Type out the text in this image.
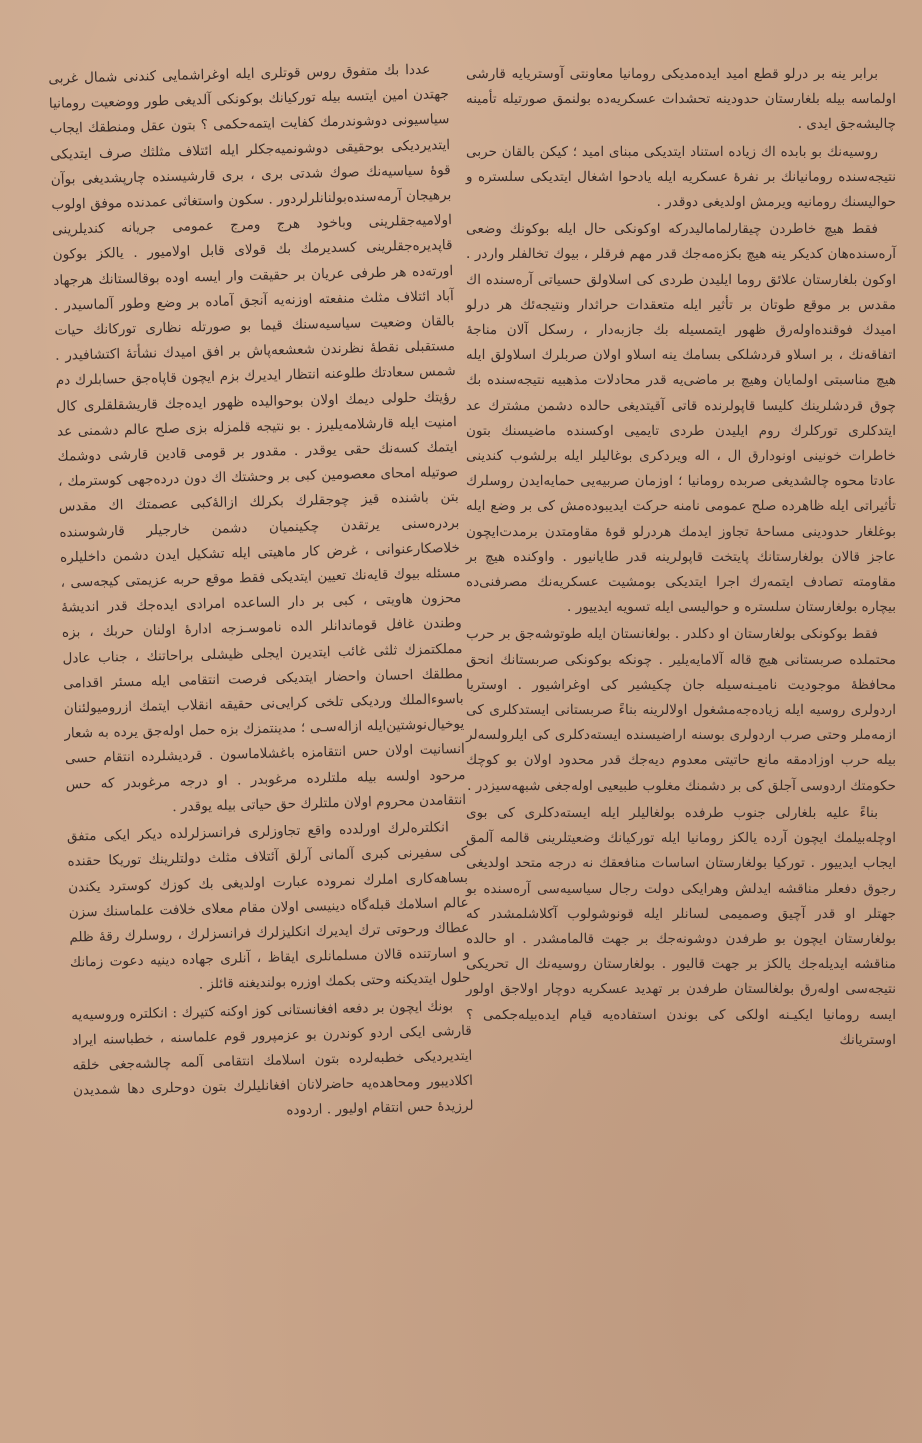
برابر ینه بر درلو قطع امید ایده‌مدیکی رومانیا معاونتی آوستریایه قارشی اولماسه بیله بلغارستان حدودینه تحشدات عسکریه‌ده بولنمق صورتیله تأمینه چالیشه‌جق ایدی .

روسیه‌نك بو بابده اك زیاده استناد ایتدیکی مبنای امید ؛ کیکن بالقان حربی نتیجه‌سنده رومانیانك بر نفرهٔ عسکریه ایله یادحوا اشغال ایتدیکی سلستره و حوالیسنك رومانیه ویرمش اولدیغی دوقدر .

فقط هیچ خاطردن چیقارلمامالیدرکه اوکونکی حال ایله بوکونك وضعی آره‌سنده‌هان کدیکر ینه هیچ بکزه‌مه‌جك قدر مهم فرقلر ، بیوك تخالفلر واردر . اوکون بلغارستان علائق روما ایلیدن طردی کی اسلاولق حسیاتی آره‌سنده اك مقدس بر موقع طوتان بر تأثیر ایله متعقدات حراثدار ونتیجه‌ئك هر درلو امیدك فوقنده‌اوله‌رق ظهور ایتمسیله بك جازبه‌دار ، رسکل آلان مناجهٔ اتفاقه‌نك ، بر اسلاو قردشلکی بسامك ینه اسلاو اولان صربلرك اسلاولق ایله هیچ مناسبتی اولمایان وهیچ بر ماضی‌یه قدر محادلات مذهبیه نتیجه‌سنده بك چوق قردشلرینك کلیسا قاپولرنده قاتی آقیتدیغی حالده دشمن مشترك عد ایتدکلری تورکلرك روم ایلیدن طردی تایمیی اوکسنده ماضیسنك بتون خاطرات خونینی اونودارق ال ، اله ویردکری بوغالیلر ایله برلشوب کندینی عادتا محوه چالشدیغی صربده رومانیا ؛ اوزمان صربیه‌یی حمایه‌ایدن روسلرك تأثیراتی ایله ظاهرده صلح عمومی نامنه حرکت ایدیبوده‌مش کی بر وضع ایله بوغلغار حدودینی مساحهٔ تجاوز ایدمك هردرلو قوهٔ مقاومتدن برمدت‌ایچون عاجز قالان بولغارستانك پایتخت قاپولرینه قدر طایانیور . واوکنده هیچ بر مقاومته تصادف ایتمه‌رك اجرا ایتدیکی بومشیت عسکریه‌نك مصرفنی‌ده بیچاره بولغارستان سلستره و حوالیسی ایله تسویه ایدییور .

فقط بوکونکی بولغارستان او دکلدر . بولغانستان ایله طوتوشه‌جق بر حرب محتملده صربستانی هیچ قاله آلامایه‌یلیر . چونکه بوکونکی صربستانك انحق محافظهٔ موجودیت نامیـنه‌سیله جان چکیشیر کی اوغراشیور . اوستریا اردولری روسیه ایله زیاده‌جه‌مشغول اولالرینه بناءً صربستانی ایستدکلری کی ازمه‌ملر وحتی صرب اردولری بوسنه اراضیسنده ایسته‌دکلری کی ایلرولسه‌لر بیله حرب اوزادمقه مانع حاتیتی معدوم دیه‌جك قدر محدود اولان بو کوچك حکومتك اردوسی آجلق کی بر دشمنك مغلوب طبیعیی اوله‌جغی شبهه‌سیزدر .

بناءً علیه بلغارلی جنوب طرفده بولغالیلر ایله ایسته‌دکلری کی بوی اوچله‌بیلمك ایچون آرده یالکز رومانیا ایله تورکیانك وضعیتلرینی قالمه آلمق ایجاب ایدییور . تورکیا بولغارستان اساسات منافعقك نه درجه متحد اولدیغی رجوق دفعلر مناقشه ایدلش وهرایکی دولت رجال سیاسیه‌سی آره‌سنده بو جهتلر او قدر آچیق وصمیمی لسانلر ایله قونوشولوب آکلاشلمشدر که بولغارستان ایچون بو طرفدن دوشونه‌جك بر جهت قالمامشدر . او حالده مناقشه ایدیله‌جك یالکز بر جهت قالیور . بولغارستان روسیه‌نك ال تحریکی نتیجه‌سی اوله‌رق بولغالستان طرفدن بر تهدید عسکریه دوچار اولاجق اولور ایسه رومانیا ایکیـنه اولکی کی بوندن استفاده‌یه قیام ایده‌بیله‌جکمی ؟ اوستریانك

عددا بك متفوق روس قوتلری ایله اوغراشمایی کندنی شمال غربی جهتدن امین ایتسه بیله تورکیانك بوکونکی آلدیغی طور ووضعیت رومانیا سیاسیونی دوشوندرمك کفایت ایتمه‌حکمی ؟ بتون عقل ومنطقك ایجاب ایتدیردیکی بوحقیقی دوشونمیه‌جکلر ایله ائتلاف مثلثك صرف ایتدیکی قوهٔ سیاسیه‌نك صوك شدتی بری ، بری قارشیسنده چارپشدیغی بوآن برهیجان آرمه‌سنده‌بولنانلرلردور . سکون واستغاثی عمدنده موفق اولوب اولامیه‌جقلرینی وباخود هرج ومرج عمومی جریانه کندیلرینی قاپدیره‌جقلرینی کسدیرمك بك قولای قابل اولامیور . یالکز بوکون اورته‌ده هر طرفی عریان بر حقیقت وار ایسه اوده بوقالستانك هرجهاد آباد ائتلاف مثلث منفعته اوزنه‌یه آنجق آماده بر وضع وطور آلماسیدر . بالقان وضعیت سیاسیه‌سنك قیما بو صورتله نظاری تورکانك حیات مستقبلی نقطهٔ نظرندن شعشعه‌پاش بر افق امیدك نشأتهٔ اکتشافیدر . شمس سعادتك طلوعنه انتظار ایدیرك بزم ایچون قاپاه‌جق حسابلرك دم رؤیتك حلولی دیمك اولان بوحوالیده ظهور ایده‌جك قاریشقلقلری کال امنیت ایله قارشلامه‌یلیرز . بو نتیجه قلمزله بزی صلح عالم دشمنی عد ایتمك کسه‌نك حقی یوقدر . مقدور بر قومی قادین قارشی دوشمك صوتیله امحای معصومین کبی بر وحشتك اك دون درده‌جهی کوسترمك ، بتن باشنده قیز چوجقلرك بکرلك ازالهٔ‌کبی عصمتك اك مقدس بردره‌سنی یرتقدن چکینمیان دشمن خارجیلر قارشوسنده خلاصکارعنوانی ، غرض کار ماهیتی ایله تشکیل ایدن دشمن داخلیلره مسئله بیوك قایه‌نك تعیین ایتدیکی فقط موقع حربه عزیمتی کیجه‌سی ، محزون هاویتی ، کبی بر دار الساعده امرادی ایده‌جك قدر اندیشهٔ وطندن غافل قوماندانلر الده ناموسـزجه ادارهٔ اولنان حربك ، بزه مملکتمزك ثلثی غائب ایتدیرن ایجلی ظیشلی براحاتنك ، جناب عادل مطلقك احسان واحضار ایتدیکی فرصت انتقامی ایله مسئر اقدامی باسوءالملك وردیکی تلخی کرایی‌نی حقیقه انقلاب ایتمك ازرومیولئنان یوخیال‌نوشتین‌ایله ازاله‌سـی ؛ مدینتمزك بزه حمل اوله‌جق یرده به شعار انسانیت اولان حس انتقامزه باغشلاماسون . قردیشلرده انتقام حسی مرحود اولسه بیله ملتلرده مرغوبدر . او درجه مرغوبدر که حس انتقامدن محروم اولان ملتلرك حق حیاتی بیله یوقدر .

انکلتره‌لرك اورلدده واقع تجاوزلری فرانسزلرلده دیکر ایکی متفق کی سفیرنی کبری آلمانی آرلق آئتلاف مثلث دولتلرینك توریکا حقنده بساهه‌کاری املرك نمروده عبارت اولدیغی بك کوزك کوسترد یکندن عالم اسلامك قبله‌گاه دینیسی اولان مقام معلای خلافت علماسنك سزن عطاك ورحوتی ترك ایدیرك انکلیزلرك فرانسزلرك ، روسلرك رقهٔ ظلم و اسارتنده قالان مسلمانلری ایقاظ ، آنلری جهاده دینیه دعوت زمانك حلول ایتدیکنه وحتی بکمك اوزره بولندیغنه قائلز .

بونك ایچون بر دفعه افغانستانی کوز اوکنه کتیرك : انکلتره وروسیه‌یه قارشی ایکی اردو کوندرن بو عزمپرور قوم علماسنه ، خطباسنه ایراد ایتدیردیکی خطبه‌لرده بتون اسلامك انتقامی آلمه چالشه‌جغی خلقه اکلادیبور ومحاهده‌یه حاضرلانان افغانلیلرك بتون دوحلری دها شمدیدن لرزیدهٔ حس انتقام اولیور . اردوده
